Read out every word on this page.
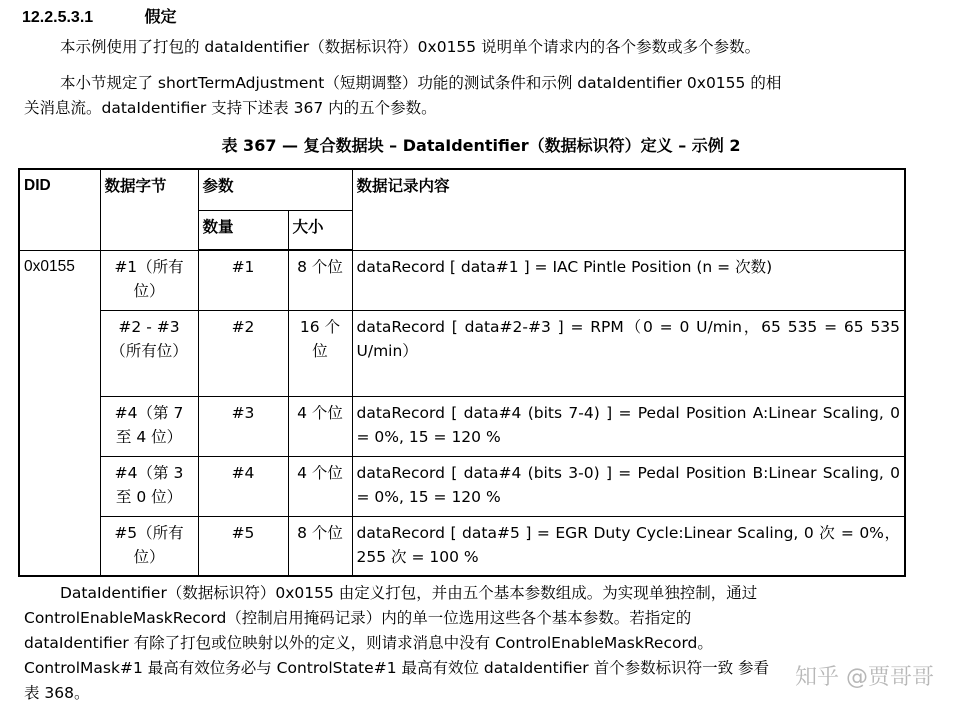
12.2.5.3.1	假定
本示例使用了打包的 dataIdentifier（数据标识符）0x0155 说明单个请求内的各个参数或多个参数。
本小节规定了 shortTermAdjustment（短期调整）功能的测试条件和示例 dataIdentifier 0x0155 的相
关消息流。dataIdentifier 支持下述表 367 内的五个参数。
表 367 — 复合数据块 – DataIdentifier（数据标识符）定义 – 示例 2
DID	数据字节	参数		数据记录内容
		数量	大小	
0x0155	#1（所有位）	#1	8 个位	dataRecord [ data#1 ] = IAC Pintle Position (n = 次数)
	#2 - #3（所有位）	#2	16 个位	dataRecord [ data#2-#3 ] = RPM（0 = 0 U/min，65 535 = 65 535 U/min）
	#4（第 7 至 4 位）	#3	4 个位	dataRecord [ data#4 (bits 7-4) ] = Pedal Position A:Linear Scaling, 0 = 0%, 15 = 120 %
	#4（第 3 至 0 位）	#4	4 个位	dataRecord [ data#4 (bits 3-0) ] = Pedal Position B:Linear Scaling, 0 = 0%, 15 = 120 %
	#5（所有位）	#5	8 个位	dataRecord [ data#5 ] = EGR Duty Cycle:Linear Scaling, 0 次 = 0%，255 次 = 100 %
DataIdentifier（数据标识符）0x0155 由定义打包，并由五个基本参数组成。为实现单独控制，通过
ControlEnableMaskRecord（控制启用掩码记录）内的单一位选用这些各个基本参数。若指定的
dataIdentifier 有除了打包或位映射以外的定义，则请求消息中没有 ControlEnableMaskRecord。
ControlMask#1 最高有效位务必与 ControlState#1 最高有效位 dataIdentifier 首个参数标识符一致 参看
表 368。
知乎 @贾哥哥
